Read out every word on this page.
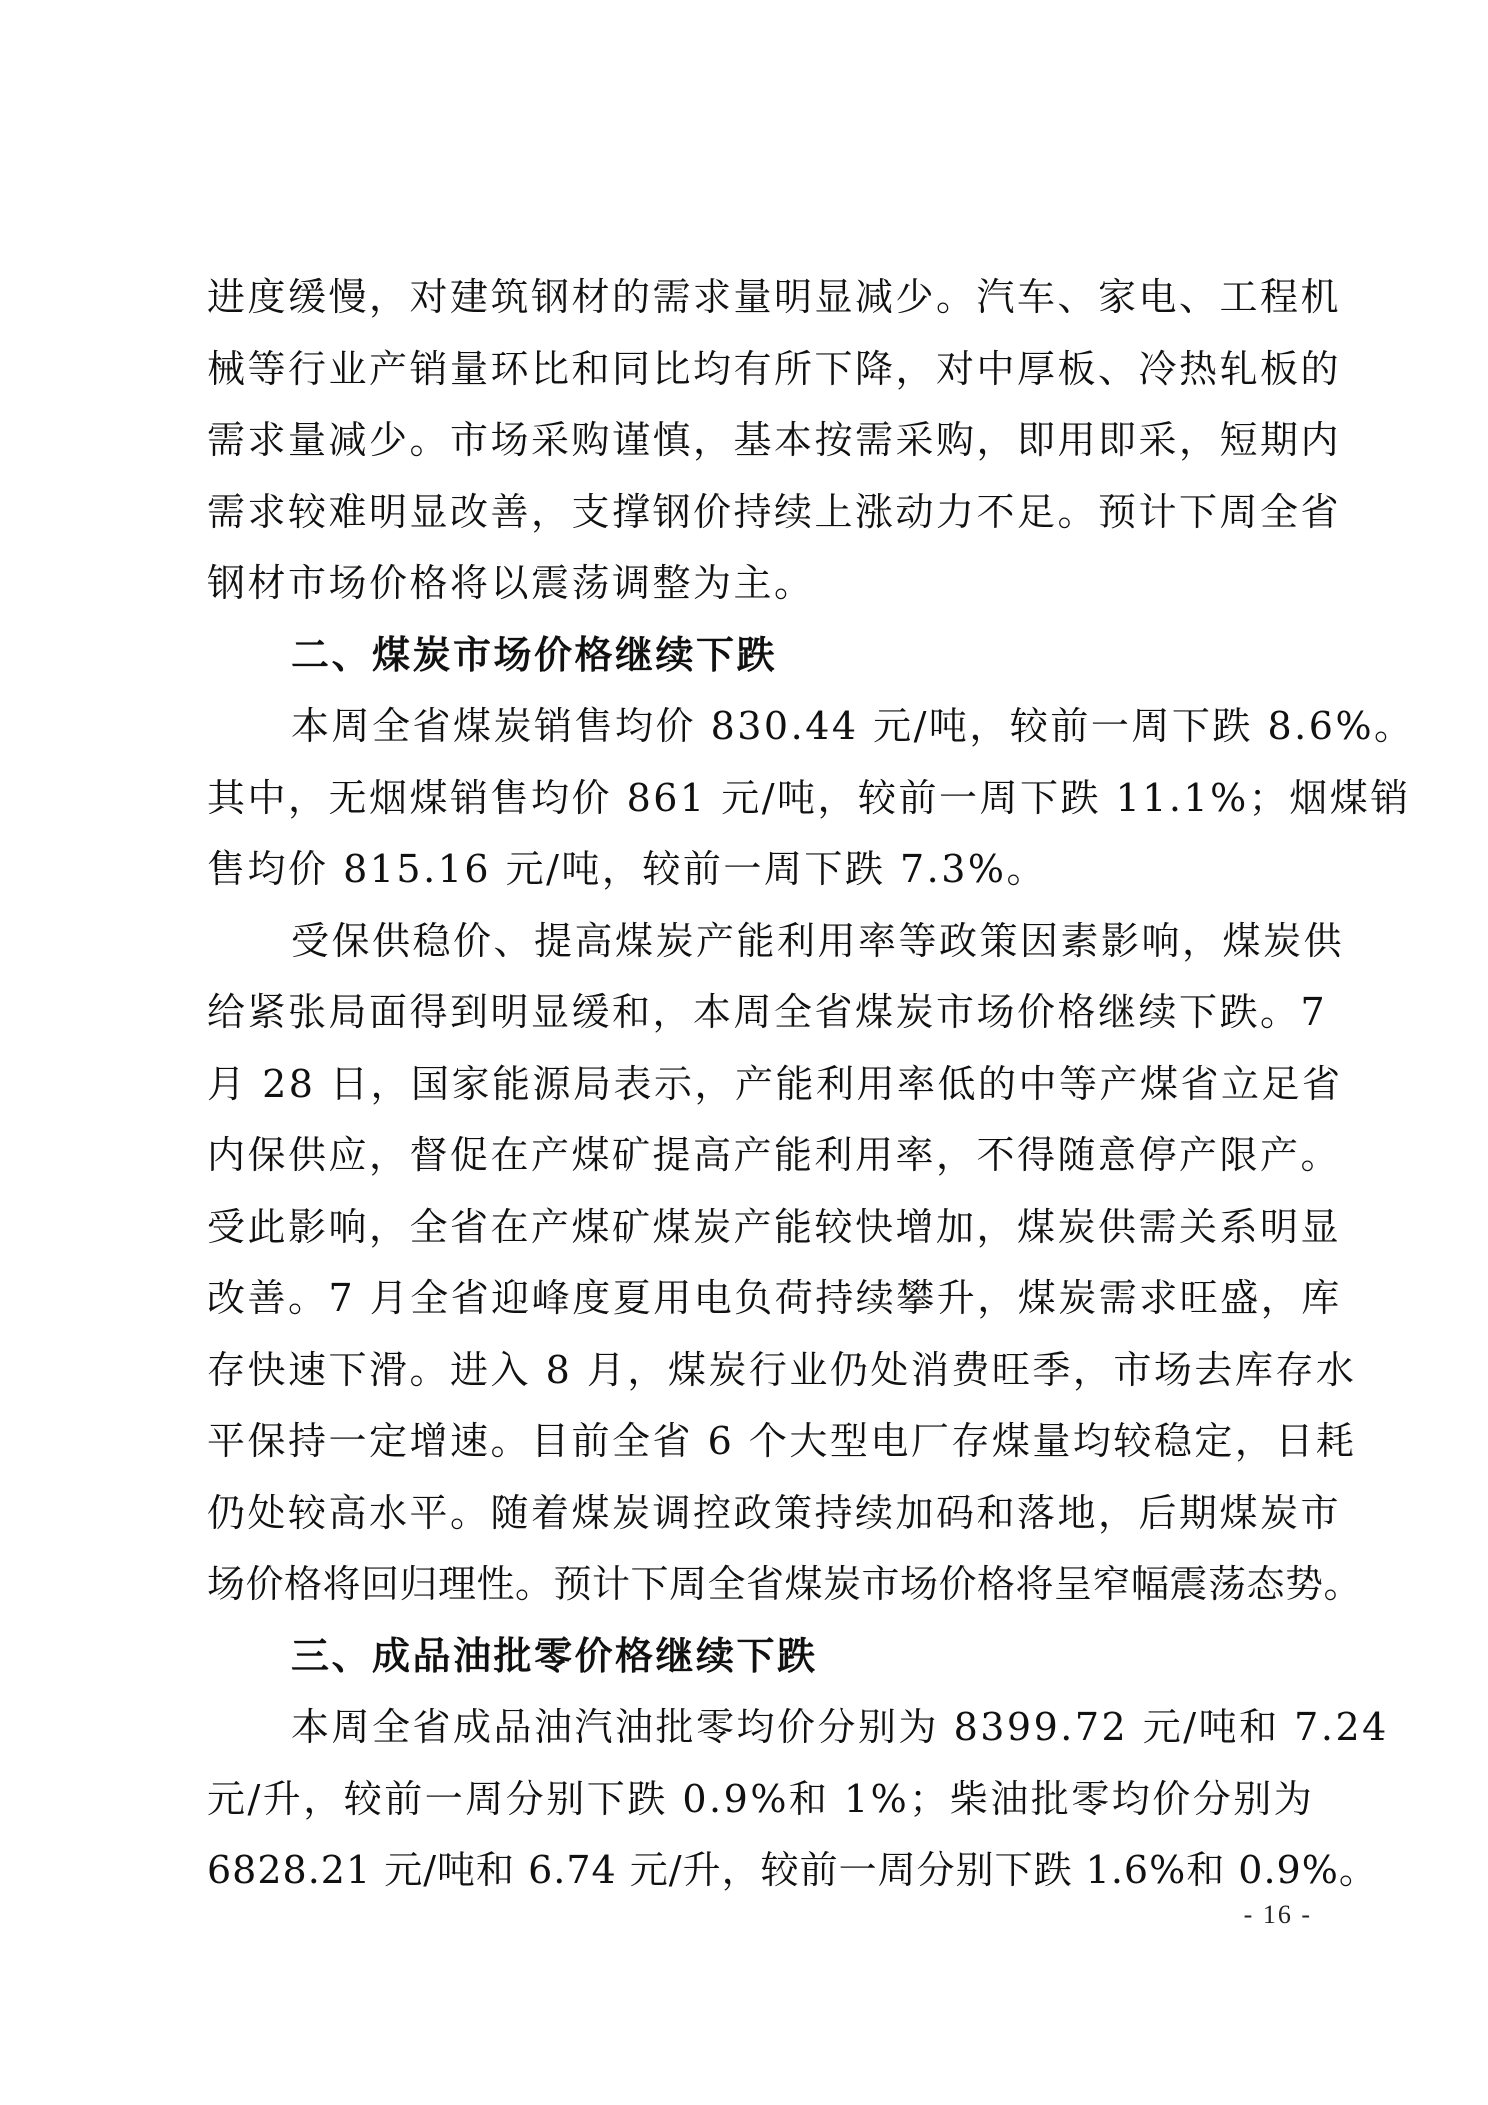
进度缓慢，对建筑钢材的需求量明显减少。汽车、家电、工程机
械等行业产销量环比和同比均有所下降，对中厚板、冷热轧板的
需求量减少。市场采购谨慎，基本按需采购，即用即采，短期内
需求较难明显改善，支撑钢价持续上涨动力不足。预计下周全省
钢材市场价格将以震荡调整为主。
二、煤炭市场价格继续下跌
本周全省煤炭销售均价 830.44 元/吨，较前一周下跌 8.6%。
其中，无烟煤销售均价 861 元/吨，较前一周下跌 11.1%；烟煤销
售均价 815.16 元/吨，较前一周下跌 7.3%。
受保供稳价、提高煤炭产能利用率等政策因素影响，煤炭供
给紧张局面得到明显缓和，本周全省煤炭市场价格继续下跌。7
月 28 日，国家能源局表示，产能利用率低的中等产煤省立足省
内保供应，督促在产煤矿提高产能利用率，不得随意停产限产。
受此影响，全省在产煤矿煤炭产能较快增加，煤炭供需关系明显
改善。7 月全省迎峰度夏用电负荷持续攀升，煤炭需求旺盛，库
存快速下滑。进入 8 月，煤炭行业仍处消费旺季，市场去库存水
平保持一定增速。目前全省 6 个大型电厂存煤量均较稳定，日耗
仍处较高水平。随着煤炭调控政策持续加码和落地，后期煤炭市
场价格将回归理性。预计下周全省煤炭市场价格将呈窄幅震荡态势。
三、成品油批零价格继续下跌
本周全省成品油汽油批零均价分别为 8399.72 元/吨和 7.24
元/升，较前一周分别下跌 0.9%和 1%；柴油批零均价分别为
6828.21 元/吨和 6.74 元/升，较前一周分别下跌 1.6%和 0.9%。
- 16 -
